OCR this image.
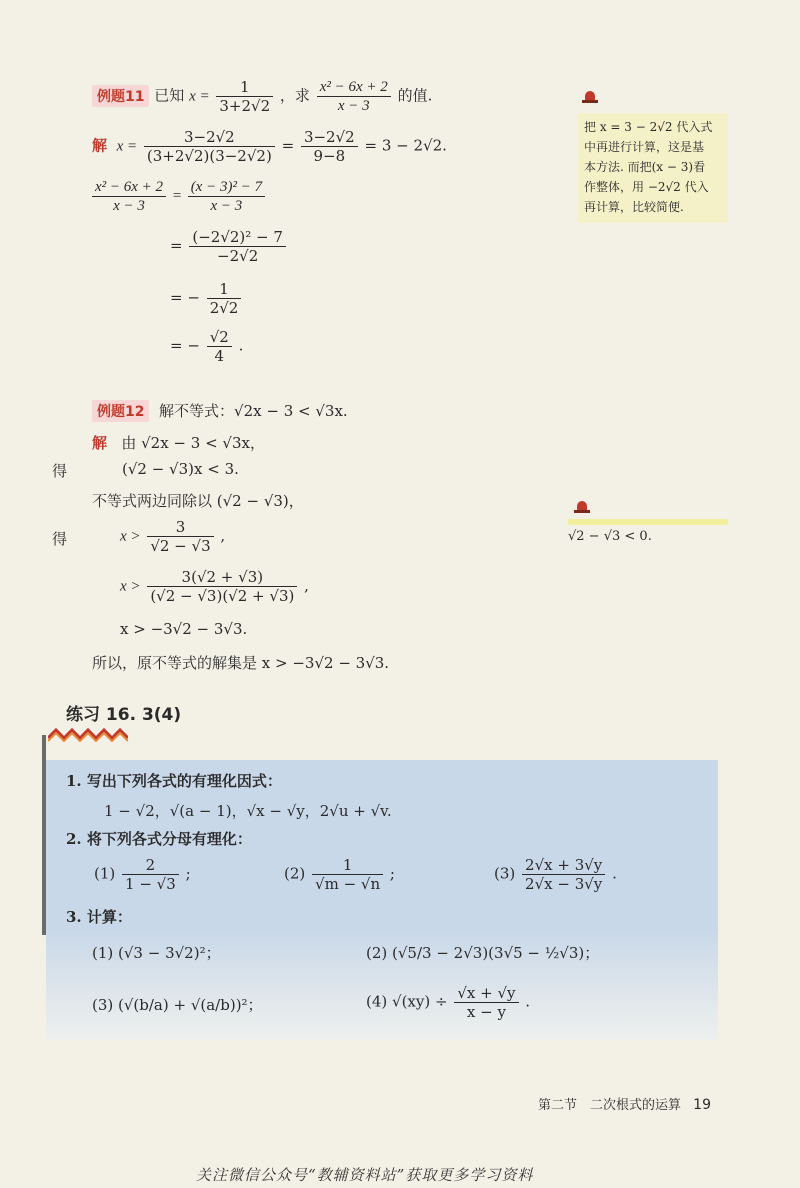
例题11 已知 $x = \frac{1}{3+2√2}$ ，求 $\frac{\text{x² − 6x + 2}}{x - 3}$ 的值.
解 $x = \frac{3-2√2}{(3+2√2)(3-2√2)} = \frac{3-2√2}{9-8} = 3 - 2√2$.
$\frac{\text{x² − 6x + 2}}{x - 3} = \frac{\text{(x − 3)² − 7}}{x - 3}$
= $\frac{\text{(−2√2)² − 7}}{-2√2}$
= − $\frac{1}{2√2}$
= − $\frac{√2}{4}$ .
把 x = 3 − 2√2 代入式
中再进行计算，这是基
本方法. 而把(x − 3)看
作整体，用 −2√2 代入
再计算，比较简便.
例题12 解不等式：√2x − 3 < √3x.
解 由 √2x − 3 < √3x，
得	(√2 − √3)x < 3.
不等式两边同除以 (√2 − √3)，
得	$x > \frac{3}{√2 - √3}$ ,
$x > \frac{3(√2 + √3)}{(√2 - √3)(√2 + √3)}$ ,
x > −3√2 − 3√3.
所以，原不等式的解集是 x > −3√2 − 3√3.
√2 − √3 < 0.
练习 16. 3(4)
1. 写出下列各式的有理化因式：
1 − √2，√(a − 1)，√x − √y，2√u + √v.
2. 将下列各式分母有理化：
$(1) \frac{2}{1 - √3}$ ;	$(2) \frac{1}{√m - √n}$ ;	$(3) \frac{2√x + 3√y}{2√x - 3√y}$ .
3. 计算：
(1) (√3 − 3√2)²；	(2) (√5/3 − 2√3)(3√5 − ½√3)；
(3) (√(b/a) + √(a/b))²；	(4) $√(xy) \div \frac{√x + √y}{x - y}$ .
第二节　二次根式的运算 19
关注微信公众号“教辅资料站”获取更多学习资料
